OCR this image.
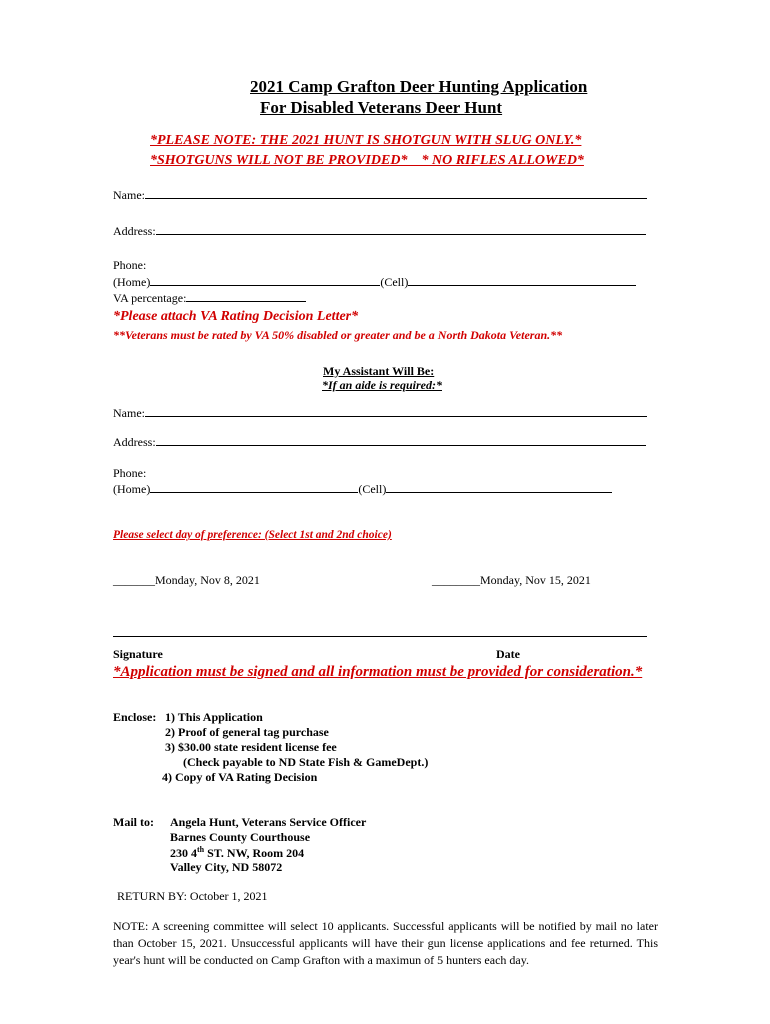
2021 Camp Grafton Deer Hunting Application
For Disabled Veterans Deer Hunt
*PLEASE NOTE: THE 2021 HUNT IS SHOTGUN WITH SLUG ONLY.*
*SHOTGUNS WILL NOT BE PROVIDED*    * NO RIFLES ALLOWED*
Name:
Address:
Phone:
(Home)	(Cell)
VA percentage:
*Please attach VA Rating Decision Letter*
**Veterans must be rated by VA 50% disabled or greater and be a North Dakota Veteran.**
My Assistant Will Be:
*If an aide is required:*
Name:
Address:
Phone:
(Home)	(Cell)
Please select day of preference: (Select 1st and 2nd choice)
_______Monday, Nov 8, 2021	________Monday, Nov 15, 2021
Signature	Date
*Application must be signed and all information must be provided for consideration.*
Enclose: 1) This Application
2) Proof of general tag purchase
3) $30.00 state resident license fee
(Check payable to ND State Fish & GameDept.)
4) Copy of VA Rating Decision
Mail to: Angela Hunt, Veterans Service Officer
Barnes County Courthouse
230 4th ST. NW, Room 204
Valley City, ND 58072
RETURN BY: October 1, 2021
NOTE: A screening committee will select 10 applicants. Successful applicants will be notified by mail no later than October 15, 2021. Unsuccessful applicants will have their gun license applications and fee returned. This year's hunt will be conducted on Camp Grafton with a maximun of 5 hunters each day.
